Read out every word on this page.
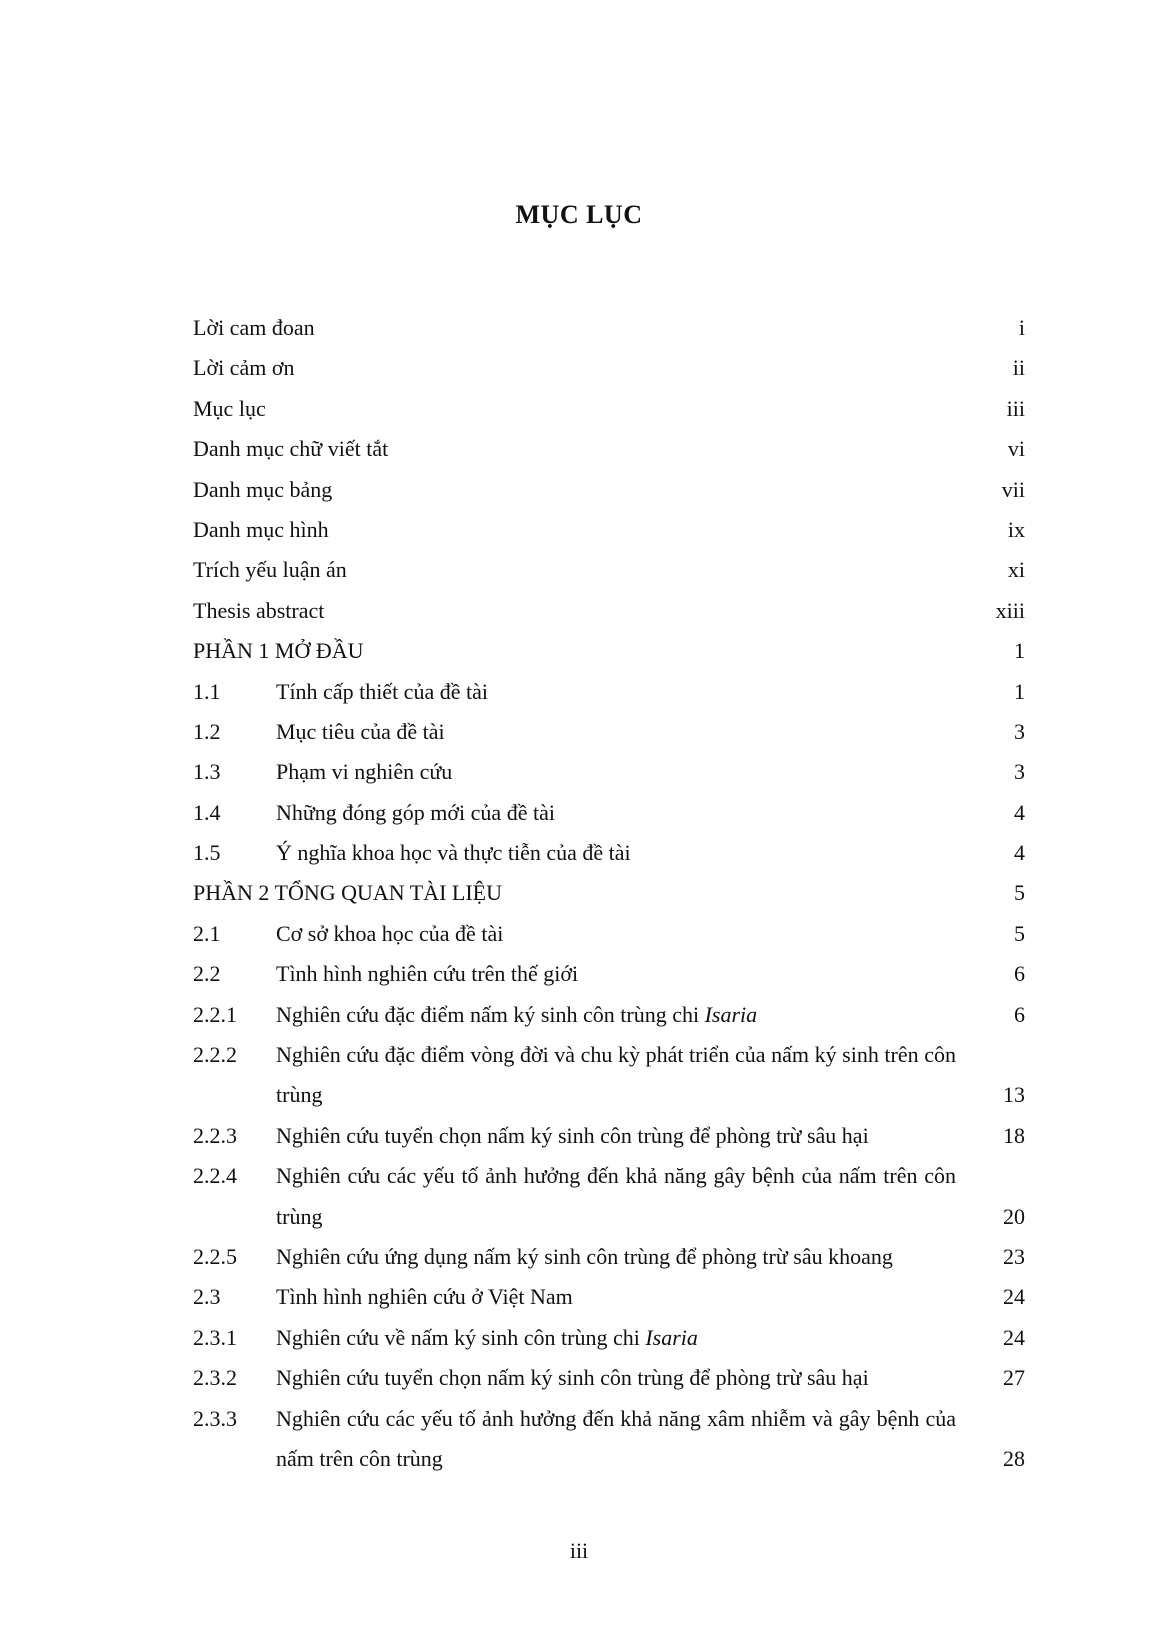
MỤC LỤC
Lời cam đoan	i
Lời cảm ơn	ii
Mục lục	iii
Danh mục chữ viết tắt	vi
Danh mục bảng	vii
Danh mục hình	ix
Trích yếu luận án	xi
Thesis abstract	xiii
PHẦN 1 MỞ ĐẦU	1
1.1	Tính cấp thiết của đề tài	1
1.2	Mục tiêu của đề tài	3
1.3	Phạm vi nghiên cứu	3
1.4	Những đóng góp mới của đề tài	4
1.5	Ý nghĩa khoa học và thực tiễn của đề tài	4
PHẦN 2 TỔNG QUAN TÀI LIỆU	5
2.1	Cơ sở khoa học của đề tài	5
2.2	Tình hình nghiên cứu trên thế giới	6
2.2.1 Nghiên cứu đặc điểm nấm ký sinh côn trùng chi Isaria	6
2.2.2 Nghiên cứu đặc điểm vòng đời và chu kỳ phát triển của nấm ký sinh trên côn trùng	13
2.2.3 Nghiên cứu tuyển chọn nấm ký sinh côn trùng để phòng trừ sâu hại	18
2.2.4 Nghiên cứu các yếu tố ảnh hưởng đến khả năng gây bệnh của nấm trên côn trùng	20
2.2.5 Nghiên cứu ứng dụng nấm ký sinh côn trùng để phòng trừ sâu khoang	23
2.3	Tình hình nghiên cứu ở Việt Nam	24
2.3.1 Nghiên cứu về nấm ký sinh côn trùng chi Isaria	24
2.3.2 Nghiên cứu tuyển chọn nấm ký sinh côn trùng để phòng trừ sâu hại	27
2.3.3 Nghiên cứu các yếu tố ảnh hưởng đến khả năng xâm nhiễm và gây bệnh của nấm trên côn trùng	28
iii
